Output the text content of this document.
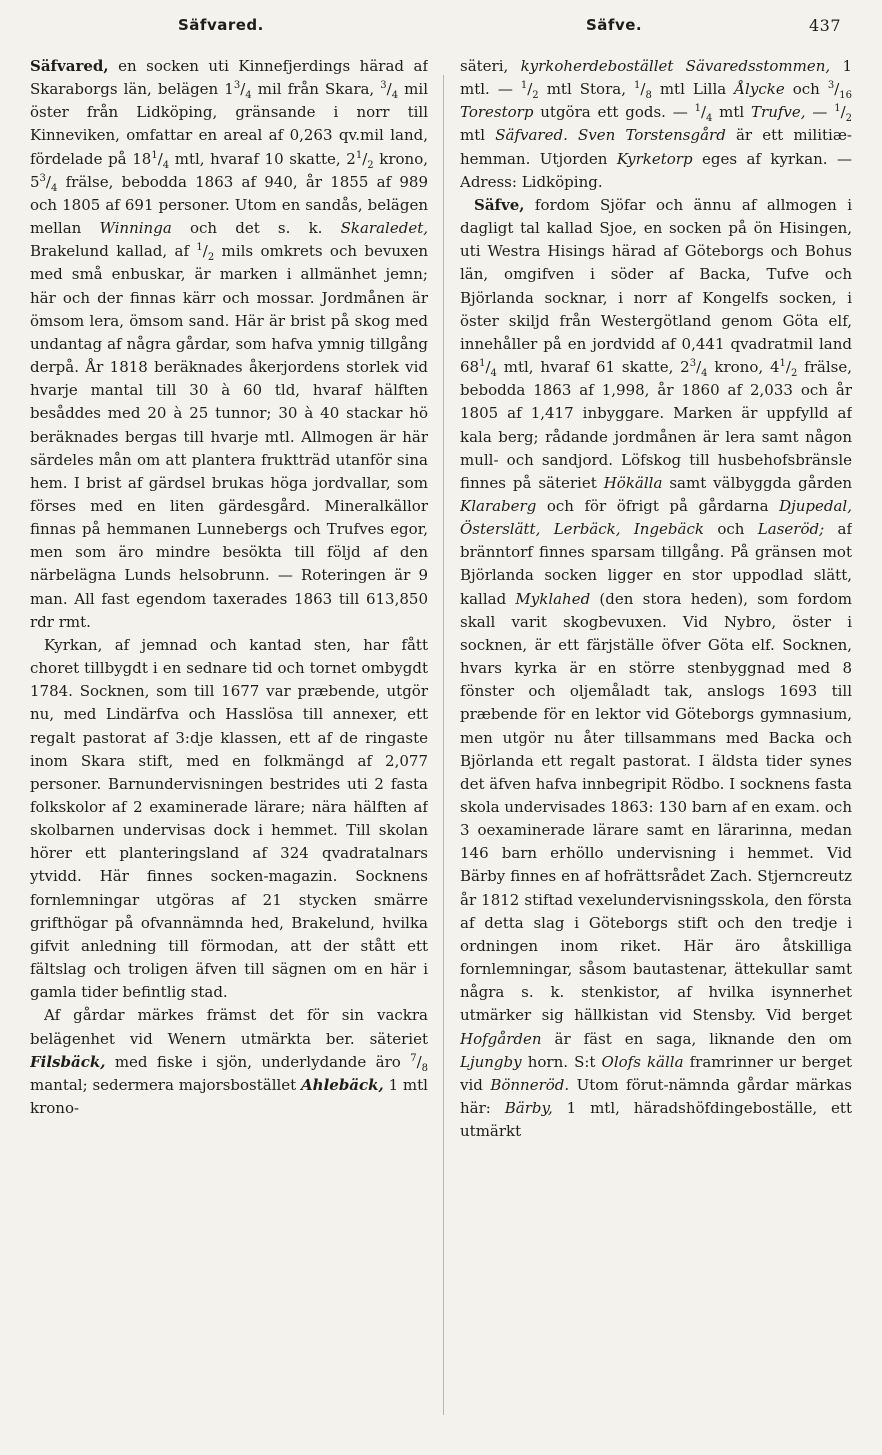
Säfvared.	Säfve.	437

Säfvared, en socken uti Kinnefjerdings härad af Skaraborgs län, belägen $1^3/_4$ mil från Skara, $^3/_4$ mil öster från Lidköping, gränsande i norr till Kinneviken, omfattar en areal af 0,263 qv.mil land, fördelade på $18^1/_4$ mtl, hvaraf 10 skatte, $2^1/_2$ krono, $5^3/_4$ frälse, bebodda 1863 af 940, år 1855 af 989 och 1805 af 691 personer. Utom en sandås, belägen mellan Winninga och det s. k. Skaraledet, Brakelund kallad, af $^1/_2$ mils omkrets och bevuxen med små enbuskar, är marken i allmänhet jemn; här och der finnas kärr och mossar. Jordmånen är ömsom lera, ömsom sand. Här är brist på skog med undantag af några gårdar, som hafva ymnig tillgång derpå. År 1818 beräknades åkerjordens storlek vid hvarje mantal till 30 à 60 tld, hvaraf hälften besåddes med 20 à 25 tunnor; 30 à 40 stackar hö beräknades bergas till hvarje mtl. Allmogen är här särdeles mån om att plantera fruktträd utanför sina hem. I brist af gärdsel brukas höga jordvallar, som förses med en liten gärdesgård. Mineralkällor finnas på hemmanen Lunnebergs och Trufves egor, men som äro mindre besökta till följd af den närbelägna Lunds helsobrunn. — Roteringen är 9 man. All fast egendom taxerades 1863 till 613,850 rdr rmt.

Kyrkan, af jemnad och kantad sten, har fått choret tillbygdt i en sednare tid och tornet ombygdt 1784. Socknen, som till 1677 var præbende, utgör nu, med Lindärfva och Hasslösa till annexer, ett regalt pastorat af 3:dje klassen, ett af de ringaste inom Skara stift, med en folkmängd af 2,077 personer. Barnundervisningen bestrides uti 2 fasta folkskolor af 2 examinerade lärare; nära hälften af skolbarnen undervisas dock i hemmet. Till skolan hörer ett planteringsland af 324 qvadratalnars ytvidd. Här finnes socken-magazin. Socknens fornlemningar utgöras af 21 stycken smärre grifthögar på ofvannämnda hed, Brakelund, hvilka gifvit anledning till förmodan, att der stått ett fältslag och troligen äfven till sägnen om en här i gamla tider befintlig stad.

Af gårdar märkes främst det för sin vackra belägenhet vid Wenern utmärkta ber. säteriet Filsbäck, med fiske i sjön, underlydande äro $^7/_8$ mantal; sedermera majorsbostället Ahlebäck, 1 mtl krono-

säteri, kyrkoherdebostället Sävaredsstommen, 1 mtl. — $^1/_2$ mtl Stora, $^1/_8$ mtl Lilla Ålycke och $^3/_{16}$ Torestorp utgöra ett gods. — $^1/_4$ mtl Trufve, — $^1/_2$ mtl Säfvared. Sven Torstensgård är ett militiæ-hemman. Utjorden Kyrketorp eges af kyrkan. — Adress: Lidköping.

Säfve, fordom Sjöfar och ännu af allmogen i dagligt tal kallad Sjoe, en socken på ön Hisingen, uti Westra Hisings härad af Göteborgs och Bohus län, omgifven i söder af Backa, Tufve och Björlanda socknar, i norr af Kongelfs socken, i öster skiljd från Westergötland genom Göta elf, innehåller på en jordvidd af 0,441 qvadratmil land $68^1/_4$ mtl, hvaraf 61 skatte, $2^3/_4$ krono, $4^1/_2$ frälse, bebodda 1863 af 1,998, år 1860 af 2,033 och år 1805 af 1,417 inbyggare. Marken är uppfylld af kala berg; rådande jordmånen är lera samt någon mull- och sandjord. Löfskog till husbehofsbränsle finnes på säteriet Hökälla samt välbyggda gården Klaraberg och för öfrigt på gårdarna Djupedal, Österslätt, Lerbäck, Ingebäck och Laseröd; af bränntorf finnes sparsam tillgång. På gränsen mot Björlanda socken ligger en stor uppodlad slätt, kallad Myklahed (den stora heden), som fordom skall varit skogbevuxen. Vid Nybro, öster i socknen, är ett färjställe öfver Göta elf. Socknen, hvars kyrka är en större stenbyggnad med 8 fönster och oljemåladt tak, anslogs 1693 till præbende för en lektor vid Göteborgs gymnasium, men utgör nu åter tillsammans med Backa och Björlanda ett regalt pastorat. I äldsta tider synes det äfven hafva innbegripit Rödbo. I socknens fasta skola undervisades 1863: 130 barn af en exam. och 3 oexaminerade lärare samt en lärarinna, medan 146 barn erhöllo undervisning i hemmet. Vid Bärby finnes en af hofrättsrådet Zach. Stjerncreutz år 1812 stiftad vexelundervisningsskola, den första af detta slag i Göteborgs stift och den tredje i ordningen inom riket. Här äro åtskilliga fornlemningar, såsom bautastenar, ättekullar samt några s. k. stenkistor, af hvilka isynnerhet utmärker sig hällkistan vid Stensby. Vid berget Hofgården är fäst en saga, liknande den om Ljungby horn. S:t Olofs källa framrinner ur berget vid Bönneröd. Utom förut-nämnda gårdar märkas här: Bärby, 1 mtl, häradshöfdingeboställe, ett utmärkt
